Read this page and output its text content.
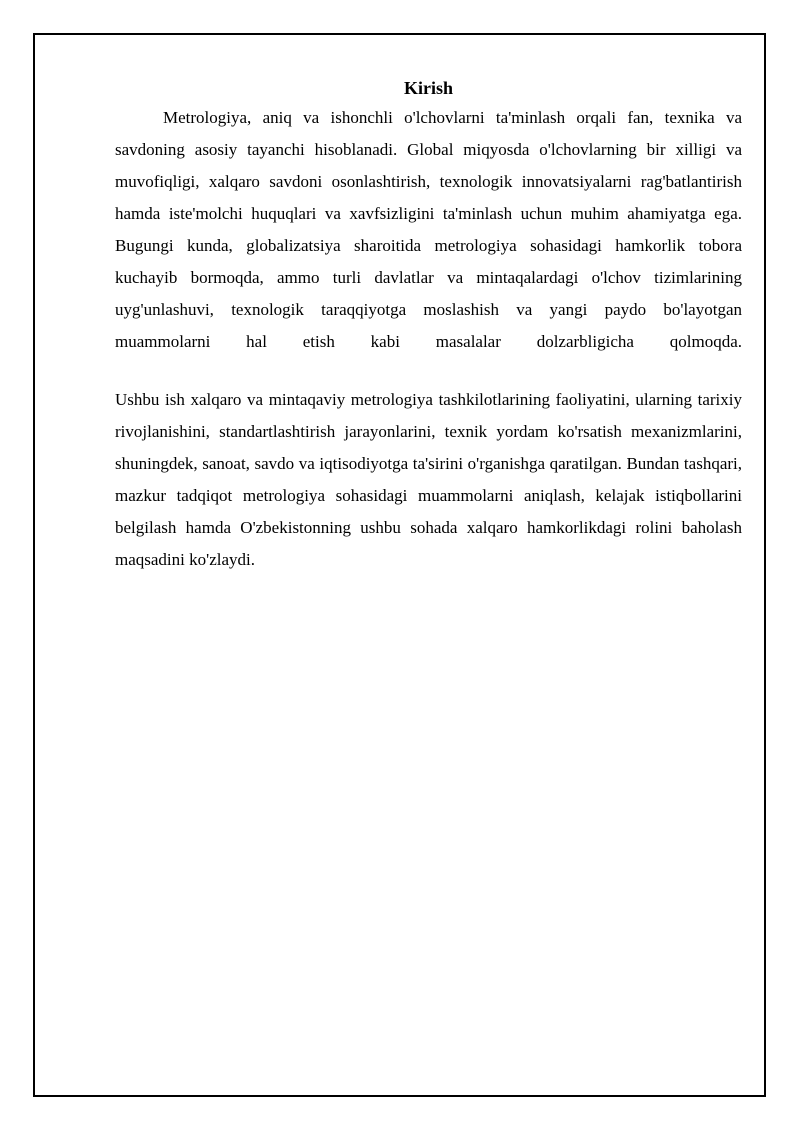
Kirish

Metrologiya, aniq va ishonchli o'lchovlarni ta'minlash orqali fan, texnika va savdoning asosiy tayanchi hisoblanadi. Global miqyosda o'lchovlarning bir xilligi va muvofiqligi, xalqaro savdoni osonlashtirish, texnologik innovatsiyalarni rag'batlantirish hamda iste'molchi huquqlari va xavfsizligini ta'minlash uchun muhim ahamiyatga ega. Bugungi kunda, globalizatsiya sharoitida metrologiya sohasidagi hamkorlik tobora kuchayib bormoqda, ammo turli davlatlar va mintaqalardagi o'lchov tizimlarining uyg'unlashuvi, texnologik taraqqiyotga moslashish va yangi paydo bo'layotgan muammolarni hal etish kabi masalalar dolzarbligicha qolmoqda.

Ushbu ish xalqaro va mintaqaviy metrologiya tashkilotlarining faoliyatini, ularning tarixiy rivojlanishini, standartlashtirish jarayonlarini, texnik yordam ko'rsatish mexanizmlarini, shuningdek, sanoat, savdo va iqtisodiyotga ta'sirini o'rganishga qaratilgan. Bundan tashqari, mazkur tadqiqot metrologiya sohasidagi muammolarni aniqlash, kelajak istiqbollarini belgilash hamda O'zbekistonning ushbu sohada xalqaro hamkorlikdagi rolini baholash maqsadini ko'zlaydi.
